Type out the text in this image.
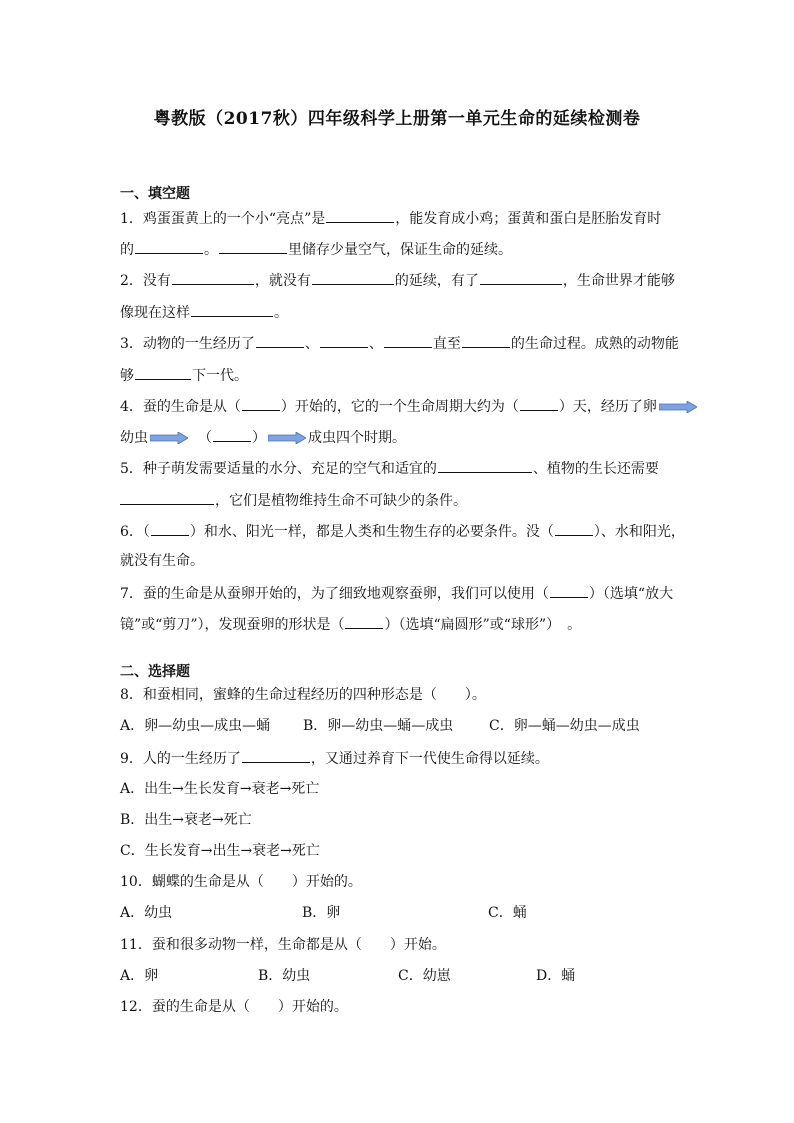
粤教版（2017秋）四年级科学上册第一单元生命的延续检测卷
一、填空题
1．鸡蛋蛋黄上的一个小“亮点”是	，能发育成小鸡；蛋黄和蛋白是胚胎发育时
的	。	里储存少量空气，保证生命的延续。
2．没有	，就没有	的延续，有了	，生命世界才能够
像现在这样	。
3．动物的一生经历了	、	、	直至	的生命过程。成熟的动物能
够	下一代。
4．蚕的生命是从（	）开始的，它的一个生命周期大约为（	）天，经历了卵
幼虫	（	）	成虫四个时期。
5．种子萌发需要适量的水分、充足的空气和适宜的	、植物的生长还需要
，它们是植物维持生命不可缺少的条件。
6．（	）和水、阳光一样，都是人类和生物生存的必要条件。没（	）、水和阳光，
就没有生命。
7．蚕的生命是从蚕卵开始的，为了细致地观察蚕卵，我们可以使用（	）（选填“放大
镜”或“剪刀”），发现蚕卵的形状是（	）（选填“扁圆形”或“球形”）　。
二、选择题
8．和蚕相同，蜜蜂的生命过程经历的四种形态是（　　）。
A．卵—幼虫—成虫—蛹 B．卵—幼虫—蛹—成虫	C．卵—蛹—幼虫—成虫
9．人的一生经历了	，又通过养育下一代使生命得以延续。
A．出生→生长发育→衰老→死亡
B．出生→衰老→死亡
C．生长发育→出生→衰老→死亡
10．蝴蝶的生命是从（　　）开始的。
A．幼虫	B．卵	C．蛹
11．蚕和很多动物一样，生命都是从（　　）开始。
A．卵	B．幼虫	C．幼崽	D．蛹
12．蚕的生命是从（　　）开始的。
